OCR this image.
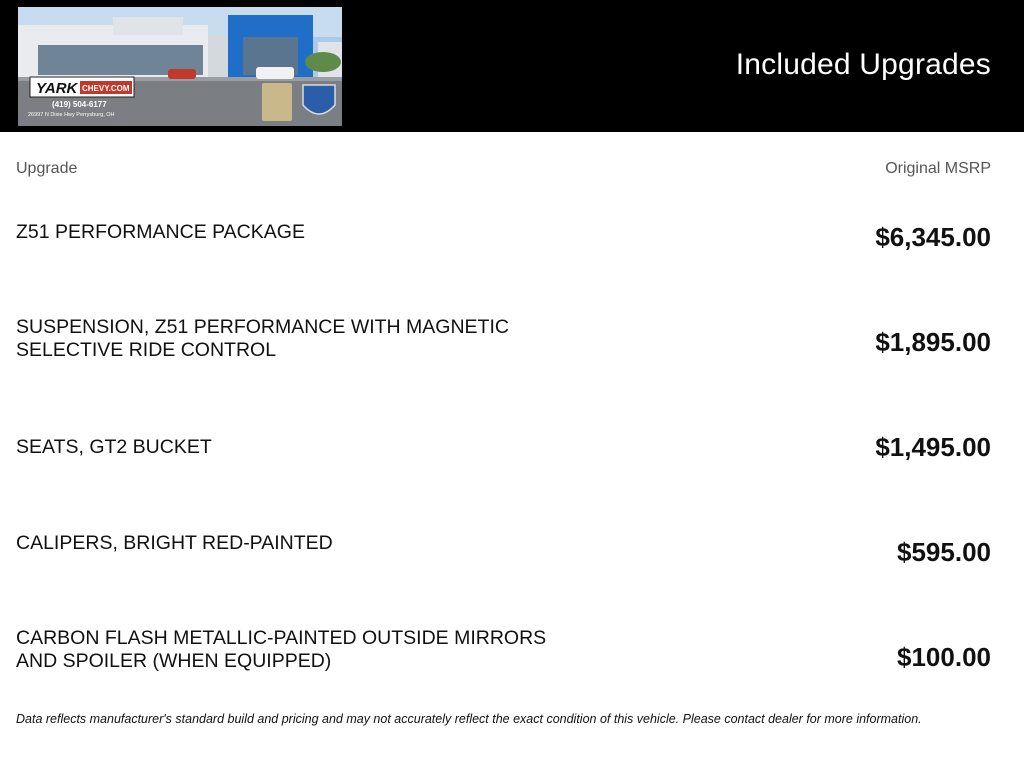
YARK CHEVY.COM
(419) 504-6177
26997 N Dixie Hwy Perrysburg, OH
Included Upgrades
Upgrade	Original MSRP
Z51 PERFORMANCE PACKAGE	$6,345.00
SUSPENSION, Z51 PERFORMANCE WITH MAGNETIC SELECTIVE RIDE CONTROL	$1,895.00
SEATS, GT2 BUCKET	$1,495.00
CALIPERS, BRIGHT RED-PAINTED	$595.00
CARBON FLASH METALLIC-PAINTED OUTSIDE MIRRORS AND SPOILER (WHEN EQUIPPED)	$100.00
Data reflects manufacturer's standard build and pricing and may not accurately reflect the exact condition of this vehicle. Please contact dealer for more information.
